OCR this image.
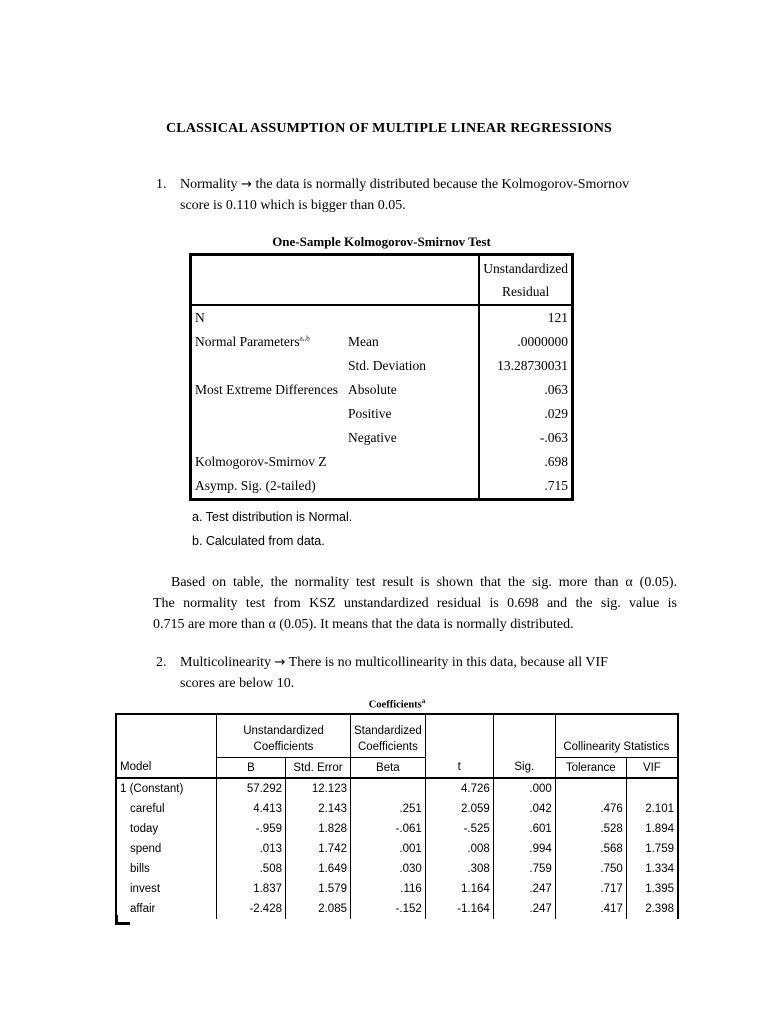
CLASSICAL ASSUMPTION OF MULTIPLE LINEAR REGRESSIONS
1. Normality → the data is normally distributed because the Kolmogorov-Smornov
score is 0.110 which is bigger than 0.05.
One-Sample Kolmogorov-Smirnov Test
		Unstandardized
Residual
N		121
Normal Parameters$^{a,,b}$	Mean	.0000000
	Std. Deviation	13.28730031
Most Extreme Differences	Absolute	.063
	Positive	.029
	Negative	-.063
Kolmogorov-Smirnov Z		.698
Asymp. Sig. (2-tailed)		.715
a. Test distribution is Normal.
b. Calculated from data.
Based on table, the normality test result is shown that the sig. more than α (0.05).
The normality test from KSZ unstandardized residual is 0.698 and the sig. value is
0.715 are more than α (0.05). It means that the data is normally distributed.
2. Multicolinearity → There is no multicollinearity in this data, because all VIF
scores are below 10.
Coefficients$^a$
	Unstandardized
Coefficients		Standardized
Coefficients			Collinearity Statistics	
Model	B	Std. Error	Beta	t	Sig.	Tolerance	VIF
1 (Constant)	57.292	12.123		4.726	.000		
careful	4.413	2.143	.251	2.059	.042	.476	2.101
today	-.959	1.828	-.061	-.525	.601	.528	1.894
spend	.013	1.742	.001	.008	.994	.568	1.759
bills	.508	1.649	.030	.308	.759	.750	1.334
invest	1.837	1.579	.116	1.164	.247	.717	1.395
affair	-2.428	2.085	-.152	-1.164	.247	.417	2.398
